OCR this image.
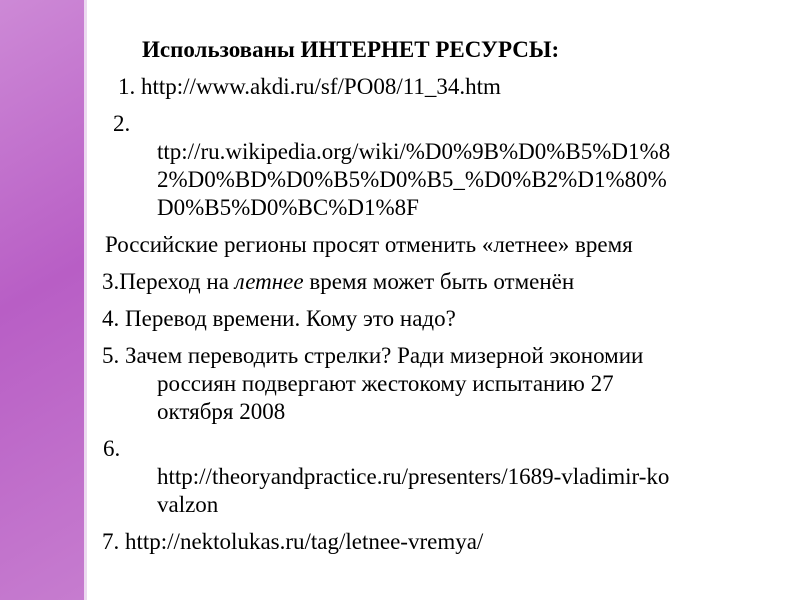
Использованы ИНТЕРНЕТ РЕСУРСЫ:
1. http://www.akdi.ru/sf/PO08/11_34.htm
2.
ttp://ru.wikipedia.org/wiki/%D0%9B%D0%B5%D1%8
2%D0%BD%D0%B5%D0%B5_%D0%B2%D1%80%
D0%B5%D0%BC%D1%8F
Российские регионы просят отменить «летнее» время
3.Переход на летнее время может быть отменён
4. Перевод времени. Кому это надо?
5. Зачем переводить стрелки? Ради мизерной экономии
россиян подвергают жестокому испытанию 27
октября 2008
6.
http://theoryandpractice.ru/presenters/1689-vladimir-ko
valzon
7. http://nektolukas.ru/tag/letnee-vremya/
